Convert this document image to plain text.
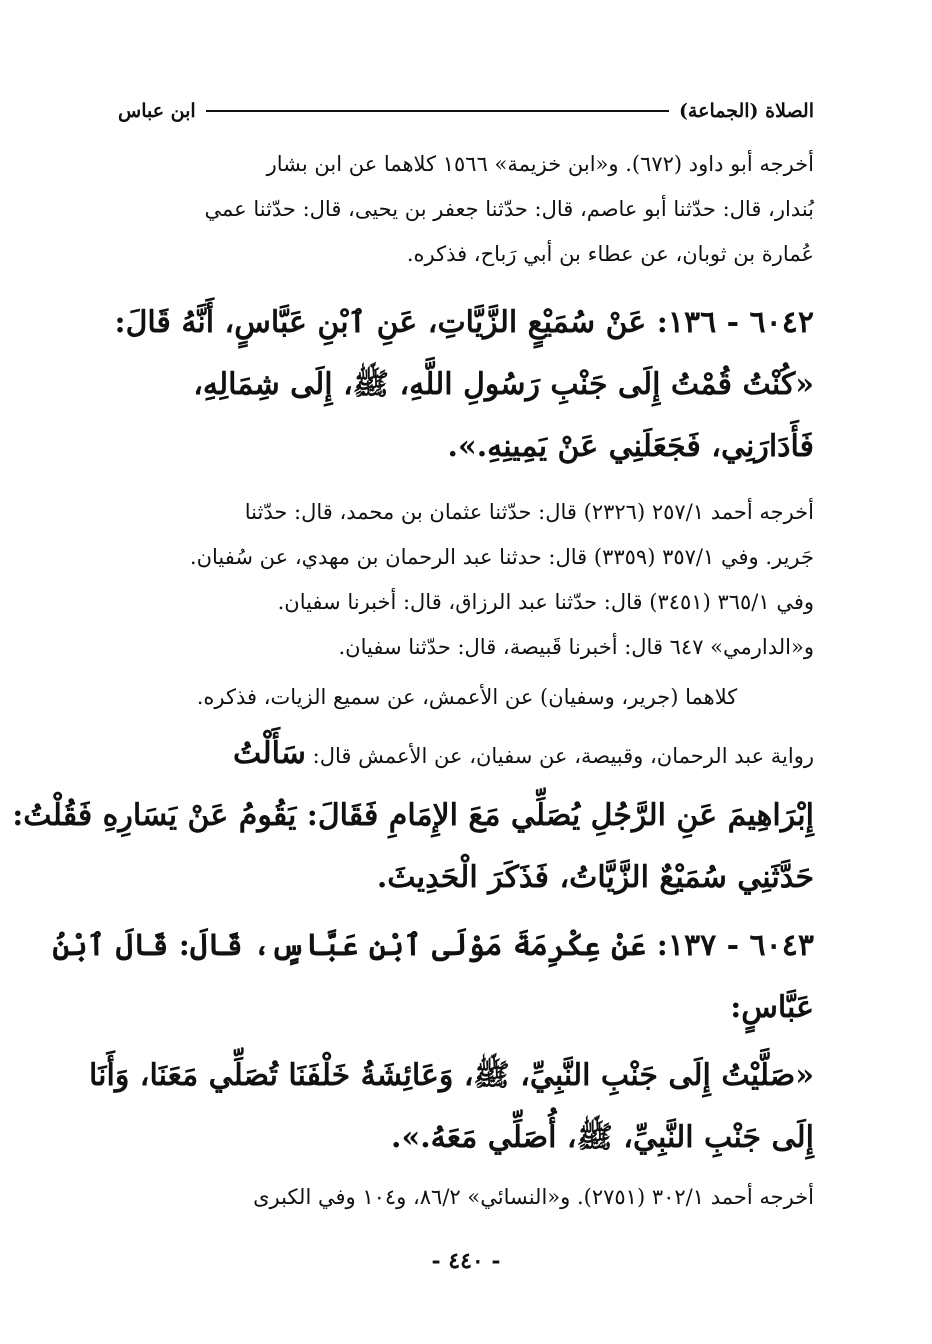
الصلاة (الجماعة)
ابن عباس
أخرجه أبو داود (٦٧٢). و«ابن خزيمة» ١٥٦٦ كلاهما عن ابن بشار
بُندار، قال: حدّثنا أبو عاصم، قال: حدّثنا جعفر بن يحيى، قال: حدّثنا عمي
عُمارة بن ثوبان، عن عطاء بن أبي رَباح، فذكره.
٦٠٤٢ - ١٣٦: عَنْ سُمَيْعٍ الزَّيَّاتِ، عَنِ ٱبْنِ عَبَّاسٍ، أَنَّهُ قَالَ:
«كُنْتُ قُمْتُ إِلَى جَنْبِ رَسُولِ اللَّهِ، ﷺ، إِلَى شِمَالِهِ،
فَأَدَارَنِي، فَجَعَلَنِي عَنْ يَمِينِهِ.».
أخرجه أحمد ٢٥٧/١ (٢٣٢٦) قال: حدّثنا عثمان بن محمد، قال: حدّثنا
جَرير. وفي ٣٥٧/١ (٣٣٥٩) قال: حدثنا عبد الرحمان بن مهدي، عن سُفيان.
وفي ٣٦٥/١ (٣٤٥١) قال: حدّثنا عبد الرزاق، قال: أخبرنا سفيان.
و«الدارمي» ٦٤٧ قال: أخبرنا قَبيصة، قال: حدّثنا سفيان.
كلاهما (جرير، وسفيان) عن الأعمش، عن سميع الزيات، فذكره.
رواية عبد الرحمان، وقبيصة، عن سفيان، عن الأعمش قال: سَأَلْتُ
إِبْرَاهِيمَ عَنِ الرَّجُلِ يُصَلِّي مَعَ الإِمَامِ فَقَالَ: يَقُومُ عَنْ يَسَارِهِ فَقُلْتُ:
حَدَّثَنِي سُمَيْعٌ الزَّيَّاتُ، فَذَكَرَ الْحَدِيثَ.
٦٠٤٣ - ١٣٧: عَنْ عِكْرِمَةَ مَوْلَى ٱبْنِ عَبَّاسٍ، قَالَ: قَالَ ٱبْنُ
عَبَّاسٍ:
«صَلَّيْتُ إِلَى جَنْبِ النَّبِيِّ، ﷺ، وَعَائِشَةُ خَلْفَنَا تُصَلِّي مَعَنَا، وَأَنَا
إِلَى جَنْبِ النَّبِيِّ، ﷺ، أُصَلِّي مَعَهُ.».
أخرجه أحمد ٣٠٢/١ (٢٧٥١). و«النسائي» ٨٦/٢، و١٠٤ وفي الكبرى
- ٤٤٠ -
